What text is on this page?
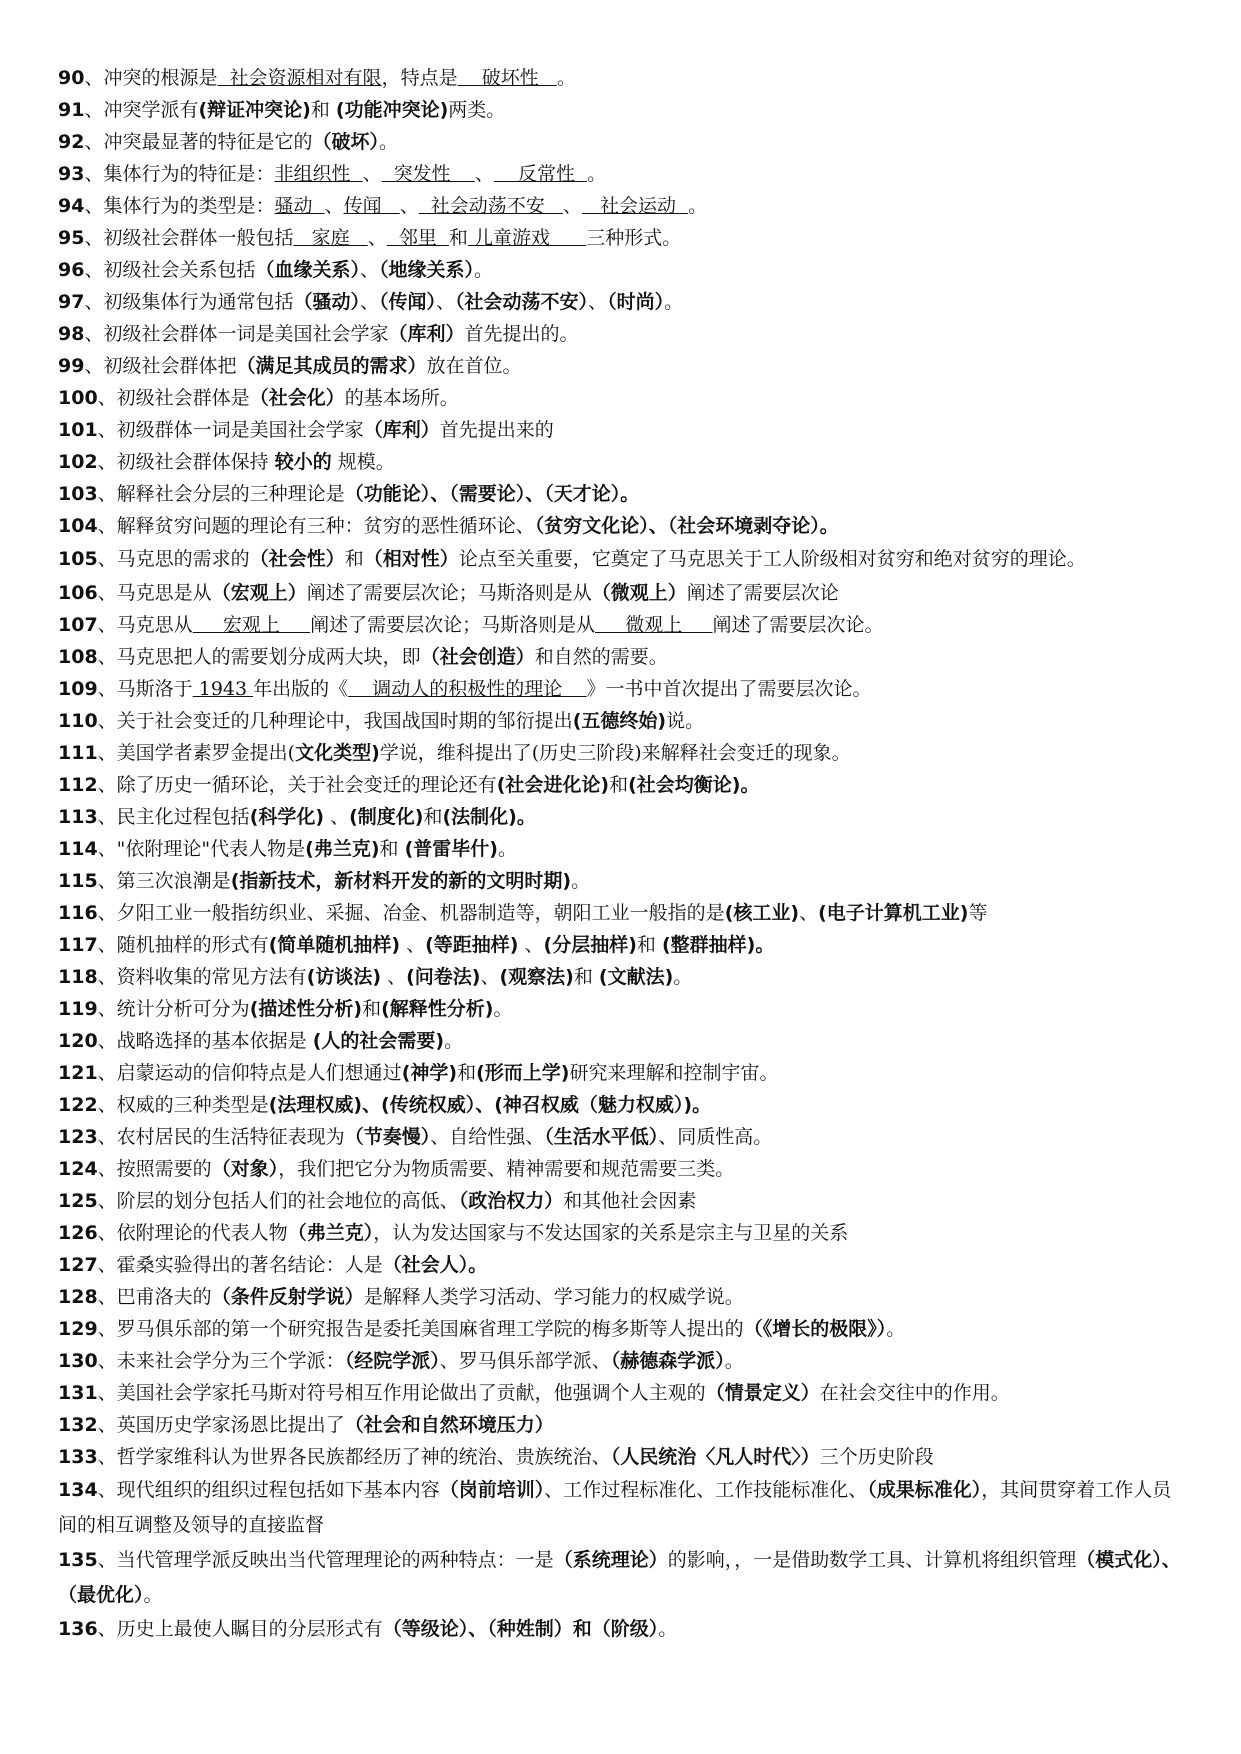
90、冲突的根源是  社会资源相对有限，特点是    破坏性   。
91、冲突学派有(辩证冲突论)和 (功能冲突论)两类。
92、冲突最显著的特征是它的（破坏）。
93、集体行为的特征是：非组织性  、  突发性    、    反常性  。
94、集体行为的类型是：骚动  、传闻   、  社会动荡不安   、   社会运动  。
95、初级社会群体一般包括   家庭   、  邻里  和 儿童游戏      三种形式。
96、初级社会关系包括（血缘关系）、（地缘关系）。
97、初级集体行为通常包括（骚动）、（传闻）、（社会动荡不安）、（时尚）。
98、初级社会群体一词是美国社会学家（库利）首先提出的。
99、初级社会群体把（满足其成员的需求）放在首位。
100、初级社会群体是（社会化）的基本场所。
101、初级群体一词是美国社会学家（库利）首先提出来的
102、初级社会群体保持 较小的 规模。
103、解释社会分层的三种理论是（功能论）、（需要论）、（天才论）。
104、解释贫穷问题的理论有三种：贫穷的恶性循环论、（贫穷文化论）、（社会环境剥夺论）。
105、马克思的需求的（社会性）和（相对性）论点至关重要，它奠定了马克思关于工人阶级相对贫穷和绝对贫穷的理论。
106、马克思是从（宏观上）阐述了需要层次论；马斯洛则是从（微观上）阐述了需要层次论
107、马克思从     宏观上     阐述了需要层次论；马斯洛则是从     微观上     阐述了需要层次论。
108、马克思把人的需要划分成两大块，即（社会创造）和自然的需要。
109、马斯洛于 1943 年出版的《    调动人的积极性的理论    》一书中首次提出了需要层次论。
110、关于社会变迁的几种理论中，我国战国时期的邹衍提出(五德终始)说。
111、美国学者素罗金提出(文化类型)学说，维科提出了(历史三阶段)来解释社会变迁的现象。
112、除了历史一循环论，关于社会变迁的理论还有(社会进化论)和(社会均衡论)。
113、民主化过程包括(科学化) 、(制度化)和(法制化)。
114、"依附理论"代表人物是(弗兰克)和 (普雷毕什)。
115、第三次浪潮是(指新技术，新材料开发的新的文明时期)。
116、夕阳工业一般指纺织业、采掘、冶金、机器制造等，朝阳工业一般指的是(核工业)、(电子计算机工业)等
117、随机抽样的形式有(简单随机抽样) 、(等距抽样) 、(分层抽样)和 (整群抽样)。
118、资料收集的常见方法有(访谈法) 、(问卷法)、(观察法)和 (文献法)。
119、统计分析可分为(描述性分析)和(解释性分析)。
120、战略选择的基本依据是 (人的社会需要)。
121、启蒙运动的信仰特点是人们想通过(神学)和(形而上学)研究来理解和控制宇宙。
122、权威的三种类型是(法理权威)、(传统权威）、(神召权威（魅力权威）)。
123、农村居民的生活特征表现为（节奏慢）、自给性强、（生活水平低）、同质性高。
124、按照需要的（对象），我们把它分为物质需要、精神需要和规范需要三类。
125、阶层的划分包括人们的社会地位的高低、（政治权力）和其他社会因素
126、依附理论的代表人物（弗兰克），认为发达国家与不发达国家的关系是宗主与卫星的关系
127、霍桑实验得出的著名结论：人是（社会人）。
128、巴甫洛夫的（条件反射学说）是解释人类学习活动、学习能力的权威学说。
129、罗马俱乐部的第一个研究报告是委托美国麻省理工学院的梅多斯等人提出的（《增长的极限》）。
130、未来社会学分为三个学派：（经院学派）、罗马俱乐部学派、（赫德森学派）。
131、美国社会学家托马斯对符号相互作用论做出了贡献，他强调个人主观的（情景定义）在社会交往中的作用。
132、英国历史学家汤恩比提出了（社会和自然环境压力）
133、哲学家维科认为世界各民族都经历了神的统治、贵族统治、（人民统治〈凡人时代〉）三个历史阶段
134、现代组织的组织过程包括如下基本内容（岗前培训）、工作过程标准化、工作技能标准化、（成果标准化），其间贯穿着工作人员间的相互调整及领导的直接监督
135、当代管理学派反映出当代管理理论的两种特点：一是（系统理论）的影响，，一是借助数学工具、计算机将组织管理（模式化）、（最优化）。
136、历史上最使人瞩目的分层形式有（等级论）、（种姓制）和（阶级）。
